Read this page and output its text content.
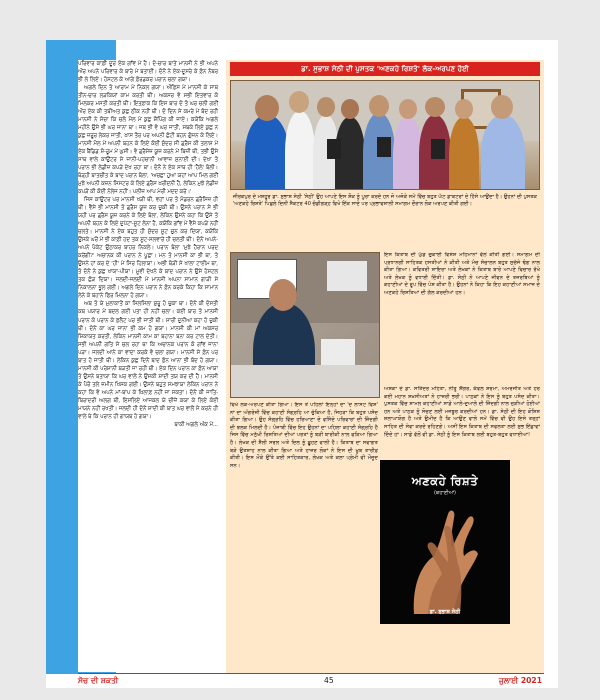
ਪਰਿਵਾਰ ਕਾਫ਼ੀ ਦੂਰ ਏਕ ਗਾਁਵ ਮੇਂ ਹੈ। ਦੋ-ਚਾਰ ਬਾਤੇਂ ਮਾਨਸੀ ਨੇ ਭੀ ਅਪਨੇ ਔਰ ਅਪਨੇ ਪਰਿਵਾਰ ਕੇ ਬਾਰੇ ਮੇਂ ਬਤਾਈਂ। ਦੋਨੋਂ ਨੇ ਏਕ-ਦੂਸਰੇ ਕੇ ਫ਼ੋਨ ਨੰਬਰ ਭੀ ਲੇ ਲਿਏ। ਹੋਸਟਲ ਕੇ ਆਗੇ ਫ਼ੋਰਡਕਰ ਪਰਾਨ ਚਲਾ ਗਯਾ।

ਅਗਲੇ ਦਿਨ ਤੋ ਆਰਾਮ ਮੇਂ ਨਿਕਲ ਗਯਾ। ਔਫ਼ਿਸ ਮੇਂ ਮਾਨਸੀ ਕੇ ਸਾਥ ਤੀਨ-ਚਾਰ ਲੜਕਿਯਾਂ ਕਾਮ ਕਰਤੀ ਥੀਂ। ਅਕਸਰ ਵੋ ਸਭੀ ਇਤਵਾਰ ਕੋ ਮਿਲਕਰ ਮਸਤੀ ਕਰਤੀ ਥੀਂ। ਇਤਫ਼ਾਕ ਕਿ ਇਸ ਬਾਰ ਦੋ ਤੋ ਘਰ ਚਲੀ ਗਈਂ ਔਰ ਏਕ ਕੀ ਤਬੀਅਤ ਕੁਛ ਠੀਕ ਨਹੀਂ ਥੀ। ਦੋ ਦਿਨ ਸੇ ਕਮਰੇ ਮੇਂ ਬੰਦ ਰਹੀ ਮਾਨਸੀ ਨੇ ਸੋਚਾ ਕਿ ਚਲੋ ਮੌਲ ਮੇਂ ਕੁਛ ਸ਼ੌਪਿੰਗ ਕੀ ਜਾਏ। ਕਯੋਂਕਿ ਅਗਲੇ ਮਹੀਨੇ ਉਸੇ ਭੀ ਘਰ ਜਾਨਾ ਥਾ। ਜਬ ਭੀ ਵੋ ਘਰ ਜਾਤੀ, ਸਬਕੇ ਲਿਏ ਕੁਛ ਨ ਕੁਛ ਜ਼ਰੂਰ ਲੇਕਰ ਜਾਤੀ, ਖ਼ਾਸ ਤੌਰ ਪਰ ਅਪਨੀ ਛੋਟੀ ਬਹਨ ਗੁੰਜਨ ਕੇ ਲਿਏ। ਮਾਨਸੀ ਮੌਲ ਮੇਂ ਅਪਨੀ ਬਹਨ ਕੇ ਲਿਏ ਕੋਈ ਸੁੰਦਰ ਸੀ ਡ੍ਰੈਸ ਕੀ ਤਲਾਸ਼ ਮੇਂ ਏਕ ਬੈਂਡਿਡ ਸ਼ੋ-ਰੂਮ ਮੇਂ ਘੁਸੀ। ਵੋ ਡ੍ਰੈਸੇਜ਼ ਯੂਜ਼ ਕਰਨੇ ਮੇਂ ਬਿਜ਼ੀ ਥੀ, ਤਭੀ ਉਸੇ ਸਾਥ ਵਾਲੇ ਕਾਉਂਟਰ ਸੇ ਜਾਨੀ-ਪਹਚਾਨੀ ਆਵਾਜ਼ ਸੁਨਾਈ ਦੀ। ਦੇਖਾ ਤੋ ਪਰਾਨ ਭੀ ਲੇਡੀਜ਼ ਕਪੜੇ ਦੇਖ ਰਹਾ ਥਾ। ਦੋਨੋਂ ਨੇ ਏਕ ਸਾਥ ਹੀ 'ਹੈਲੋ' ਬੋਲੀ। ਥੋੜ੍ਹੀ ਬਾਤਚੀਤ ਕੇ ਬਾਦ ਪਰਾਨ ਬੋਲਾ, 'ਅਚਛਾ ਹੁਆ ਯਹਾਂ ਆਪ ਮਿਲ ਗਈਂ ਮੁਝੇ ਅਪਨੀ ਕਜ਼ਨ ਸਿਸਟਰ ਕੇ ਲਿਏ ਡ੍ਰੈਸ ਖ਼ਰੀਦਨੀ ਹੈ, ਲੇਕਿਨ ਮੁਝੇ ਲੇਡੀਜ਼ ਕਪੜੋਂ ਕੀ ਕੋਈ ਨੋਲੇਜ ਨਹੀਂ। ਪਲੀਜ਼ ਆਪ ਮੇਰੀ ਮਦਦ ਕਰੇਂ।'

ਜਿਸ ਕਾਉਂਟਰ ਪਰ ਮਾਨਸੀ ਖੜੀ ਥੀ, ਵਹਾਂ ਪਰ ਤੋ ਮੌਡਰਨ ਡ੍ਰੈਸਿਜ਼ ਹੀ ਥੀਂ। ਵੈਸੇ ਭੀ ਮਾਨਸੀ ਤੋ ਡ੍ਰੈਸ ਯੂਜ਼ ਕਰ ਚੁਕੀ ਥੀ। ਉਸਨੇ ਪਰਾਨ ਸੇ ਭੀ ਯਹੀ ਪਰ ਡ੍ਰੈਸ ਯੂਜ਼ ਕਰਨੇ ਕੇ ਲਿਏ ਬੋਲਾ, ਲੇਕਿਨ ਉਸਨੇ ਕਹਾ ਕਿ ਉਸੇ ਤੋ ਅਪਨੀ ਬਹਨ ਕੇ ਲਿਏ ਦੁਪੱਟਾ-ਸੂਟ ਲੇਨਾ ਹੈ, ਕਯੋਂਕਿ ਗਾਁਵ ਮੇਂ ਵੈਸੇ ਕਪੜੇ ਨਹੀਂ ਚਲਤੇ। ਮਾਨਸੀ ਨੇ ਏਕ ਬਹੁਤ ਹੀ ਸੁੰਦਰ ਸੂਟ ਚੁਨ ਕਰ ਦਿਯਾ, ਕਯੋਂਕਿ ਉਸਕੇ ਘਰੋਂ ਮੇਂ ਭੀ ਕਾਫ਼ੀ ਹਦ ਤਕ ਸੂਟ-ਸਲਵਾਰੇਂ ਹੀ ਚਲਤੀ ਥੀਂ। ਦੋਨੋਂ ਅਪਨੇ-ਅਪਨੇ ਪੈਕੇਟ ਉਠਾਕਰ ਬਾਹਰ ਨਿਕਲੇ। ਪਰਾਨ ਬੋਲਾ 'ਮੁਝੇ ਹੈਰਾਨ ਪਰਦ ਕਰੇਂਗੀ?' ਅਚਾਨਕ ਕੀ ਪਰਾਨ ਨੇ ਪੂਛਾ। ਮਨ ਤੋ ਮਾਨਸੀ ਕਾ ਭੀ ਥਾ, ਤੋ ਉਸਨੇ ਹਾਂ ਕਰ ਦੇ 'ਹੀ' ਮੇਂ ਸਿਰ ਹਿਲਾਯਾ। ਅਭੀ ਥੋੜੀ ਸੇ ਖਾਲਾ ਟਾਈਮ ਥਾ, ਤੋ ਦੋਨੋਂ ਨੇ ਕੁਛ ਖਾਯਾ-ਪੀਯਾ। ਮੂਵੀ ਦੇਖਨੇ ਕੇ ਬਾਦ ਪਰਾਨ ਨੇ ਉਸੇ ਹੋਸਟਲ ਤਕ ਛੋੜ ਦਿਯਾ। ਜਲਦੀ-ਜਲਦੀ ਮੇਂ ਮਾਨਸੀ ਅਪਨਾ ਸਾਮਾਨ ਗਾੜੀ ਸੇ ਨਿਕਾਲਨਾ ਭੂਲ ਗਈ। ਅਗਲੇ ਦਿਨ ਪਰਾਨ ਨੇ ਫ਼ੋਨ ਕਰਕੇ ਕਿਹਾ ਕਿ ਸਾਮਾਨ ਲੇਨੇ ਕੇ ਬਹਾਨੇ ਫਿਰ ਮਿਲਨਾ ਹੋ ਗਯਾ।

ਅਬ ਤੋ ਯੇ ਮੁਲਾਕਾਤੋਂ ਕਾ ਸਿਲਸਿਲਾ ਸ਼ੁਰੂ ਹੋ ਚੁਕਾ ਥਾ। ਦੋਨੋਂ ਕੀ ਦੋਸਤੀ ਕਬ ਪਯਾਰ ਮੇਂ ਬਦਲ ਗਈ ਪਤਾ ਹੀ ਨਹੀਂ ਚਲਾ। ਕਈ ਬਾਰ ਤੋ ਮਾਨਸੀ ਪਰਾਨ ਕੋ ਪਰਾਨ ਕੇ ਫ਼ਲੈਟ ਪਰ ਭੀ ਜਾਤੀ ਥੀ। ਸਾਰੀ ਦੁਨੀਆ ਕਹਾ ਹੋ ਚੁਕੀ ਥੀ। ਦੋਨੋਂ ਕਾ ਘਰ ਜਾਨਾ ਭੀ ਕਮ ਹੋ ਗਯਾ। ਮਾਨਸੀ ਕੀ ਮਾਂ ਅਕਸਰ ਸ਼ਿਕਾਯਤ ਕਰਤੀ, ਲੇਕਿਨ ਮਾਨਸੀ ਕਾਮ ਕਾ ਬਹਾਨਾ ਬਨਾ ਕਰ ਟਾਲ ਦੇਤੀ। ਸਭੀ ਅਪਨੀ ਗਤਿ ਸੇ ਚਲ ਰਹਾ ਥਾ ਕਿ ਅਚਾਨਕ ਪਰਾਨ ਕੋ ਗਾਁਵ ਜਾਨਾ ਪੜਾ। ਜਲਦੀ ਆਨੇ ਕਾ ਵਾਦਾ ਕਰਕੇ ਵੋ ਚਲਾ ਗਯਾ। ਮਾਨਸੀ ਸੇ ਫ਼ੋਨ ਪਰ ਬਾਤ ਹੋ ਜਾਤੀ ਥੀ। ਲੇਕਿਨ ਕੁਛ ਦਿਨੋਂ ਬਾਦ ਫ਼ੋਨ ਆਨਾ ਭੀ ਬੰਦ ਹੋ ਗਯਾ। ਮਾਨਸੀ ਕੀ ਪਰੇਸ਼ਾਨੀ ਬੜਤੀ ਜਾ ਰਹੀ ਥੀ। ਏਕ ਦਿਨ ਪਰਾਨ ਕਾ ਫ਼ੋਨ ਆਯਾ ਤੋ ਉਸਨੇ ਬਤਾਯਾ ਕਿ ਘਰ ਵਾਲੋਂ ਨੇ ਉਸਕੀ ਸ਼ਾਦੀ ਤਯ ਕਰ ਦੀ ਹੈ। ਮਾਨਸੀ ਕੇ ਪੈਰੋਂ ਤਲੇ ਜ਼ਮੀਨ ਖਿਸਕ ਗਈ। ਉਸਨੇ ਬਹੁਤ ਸਮਝਾਯਾ ਲੇਕਿਨ ਪਰਾਨ ਨੇ ਕਹਾ ਕਿ ਵੋ ਅਪਨੇ ਮਾਂ-ਬਾਪ ਕੇ ਖ਼ਿਲਾਫ਼ ਨਹੀਂ ਜਾ ਸਕਤਾ। ਦੋਨੋਂ ਕੀ ਜਾਤਿ-ਬਿਰਾਦਰੀ ਅਲਗ ਥੀ, ਇਸਲਿਏ ਆਜਕਲ ਯੇ ਚੀਜ਼ੇਂ ਕਯਾ ਕੇ ਲਿਏ ਕੋਈ ਮਾਯਨੇ ਨਹੀਂ ਰਖਤੀਂ। ਜਲਦੀ ਹੀ ਦੋਨੋਂ ਸ਼ਾਦੀ ਕੀ ਬਾਤ ਘਰ ਵਾਲੋਂ ਸੇ ਕਰਨੇ ਹੀ ਵਾਲੇ ਥੇ ਕਿ ਪਰਾਨ ਹੀ ਗਾਯਬ ਹੋ ਗਯਾ।

ਬਾਕੀ ਅਗਲੇ ਅੰਕ ਮੇਂ...

ਡਾ. ਸੁਭਾਸ਼ ਸੇਠੀ ਦੀ ਪੁਸਤਕ 'ਅਣਕਹੇ ਰਿਸ਼ਤੇ' ਲੋਕ-ਅਰਪਣ ਹੋਈ
ਜੀਰਕਪੁਰ ਦੇ ਮਸ਼ਹੂਰ ਡਾ. ਸੁਭਾਸ਼ ਸੇਠੀ 'ਸੇਠੀ' ਉਹ ਆਪਣੇ ਇਸ ਸ਼ੌਕ ਨੂੰ ਪੂਰਾ ਕਰਦੇ ਹਨ ਜੋ ਅਜੋਕੇ ਸਮੇਂ ਵਿੱਚ ਬਹੁਤ ਘੱਟ ਡਾਕਟਰਾਂ ਦੇ ਹਿੱਸੇ ਆਉਂਦਾ ਹੈ। ਉਹਨਾਂ ਦੀ ਪੁਸਤਕ 'ਅਣਕਹੇ ਰਿਸ਼ਤੇ' ਪਿਛਲੇ ਦਿਨੀਂ ਸੈਕਟਰ 40 ਚੰਡੀਗੜ੍ਹ ਵਿਖੇ ਇੱਕ ਸਾਦੇ ਪਰ ਪ੍ਰਭਾਵਸ਼ਾਲੀ ਸਮਾਗਮ ਦੌਰਾਨ ਲੋਕ ਅਰਪਣ ਕੀਤੀ ਗਈ।
ਇਸ ਕਿਤਾਬ ਦੀ ਘੁੰਡ ਚੁਕਾਈ ਵਿਸ਼ੇਸ਼ ਮਹਿਮਾਨਾਂ ਵੱਲੋਂ ਕੀਤੀ ਗਈ। ਸਮਾਗਮ ਦੀ ਪ੍ਰਧਾਨਗੀ ਸਾਹਿਤਕ ਹਸਤੀਆਂ ਨੇ ਕੀਤੀ ਅਤੇ ਮੰਚ ਸੰਚਾਲਨ ਬਹੁਤ ਸੁਚੱਜੇ ਢੰਗ ਨਾਲ ਕੀਤਾ ਗਿਆ। ਕਵਿਤਰੀ ਸ਼ਾਇਰਾ ਅਤੇ ਲੇਖਕਾਂ ਨੇ ਕਿਤਾਬ ਬਾਰੇ ਆਪਣੇ ਵਿਚਾਰ ਰੱਖੇ ਅਤੇ ਲੇਖਕ ਨੂੰ ਵਧਾਈ ਦਿੱਤੀ। ਡਾ. ਸੇਠੀ ਨੇ ਆਪਣੇ ਜੀਵਨ ਦੇ ਤਜਰਬਿਆਂ ਨੂੰ ਕਹਾਣੀਆਂ ਦੇ ਰੂਪ ਵਿੱਚ ਪੇਸ਼ ਕੀਤਾ ਹੈ। ਉਹਨਾਂ ਨੇ ਕਿਹਾ ਕਿ ਇਹ ਕਹਾਣੀਆਂ ਸਮਾਜ ਦੇ ਅਣਕਹੇ ਰਿਸ਼ਤਿਆਂ ਦੀ ਗੱਲ ਕਰਦੀਆਂ ਹਨ।
ਵਿਖੇ ਲੋਕ-ਅਰਪਣ ਕੀਤਾ ਗਿਆ। ਇਸ ਤੋਂ ਪਹਿਲਾਂ ਇਨ੍ਹਾਂ ਦਾ 'ਦ ਲਾਸਟ ਵਿਸ਼' ਨਾਂ ਦਾ ਅੰਗਰੇਜ਼ੀ ਵਿੱਚ ਕਹਾਣੀ ਸੰਗ੍ਰਹਿ ਆ ਚੁੱਕਿਆ ਹੈ, ਜਿਹੜਾ ਕਿ ਬਹੁਤ ਪਸੰਦ ਕੀਤਾ ਗਿਆ। ਉਹ ਸੰਗ੍ਰਹਿ ਵਿੱਚ ਹਰਿਆਣਾ ਦੇ ਵਸਿੰਦੇ ਪਰਿਵਾਰਾਂ ਦੀ ਜ਼ਿੰਦਗੀ ਦੀ ਝਲਕ ਮਿਲਦੀ ਹੈ। ਪੰਜਾਬੀ ਵਿੱਚ ਇਹ ਉਹਨਾਂ ਦਾ ਪਹਿਲਾ ਕਹਾਣੀ ਸੰਗ੍ਰਹਿ ਹੈ ਜਿਸ ਵਿੱਚ ਮਨੁੱਖੀ ਰਿਸ਼ਤਿਆਂ ਦੀਆਂ ਪਰਤਾਂ ਨੂੰ ਬੜੀ ਬਾਰੀਕੀ ਨਾਲ ਫੜਿਆ ਗਿਆ ਹੈ। ਲੇਖਕ ਦੀ ਸ਼ੈਲੀ ਸਰਲ ਅਤੇ ਦਿਲ ਨੂੰ ਛੂਹਣ ਵਾਲੀ ਹੈ। ਕਿਤਾਬ ਦਾ ਸਵਾਗਤ ਬੜੇ ਉਤਸ਼ਾਹ ਨਾਲ ਕੀਤਾ ਗਿਆ ਅਤੇ ਹਾਜ਼ਰ ਲੋਕਾਂ ਨੇ ਇਸ ਦੀ ਖ਼ੂਬ ਤਾਰੀਫ਼ ਕੀਤੀ। ਇਸ ਮੌਕੇ ਉੱਤੇ ਕਈ ਸਾਹਿਤਕਾਰ, ਲੇਖਕ ਅਤੇ ਕਲਾ ਪ੍ਰੇਮੀ ਵੀ ਮੌਜੂਦ ਸਨ।
ਅਸ਼ੋਕਾ ਦੇ ਡਾ. ਸਤਿੰਦਰ ਮਹਿਤਾ, ਨੀਤੂ ਸ਼ੈਂਗਰ, ਕੰਵਲ ਸ਼ਰਮਾ, ਅਮਰਜੀਤ ਅਤੇ ਹੋਰ ਕਈ ਮਹਾਨ ਸ਼ਖ਼ਸੀਅਤਾਂ ਨੇ ਹਾਜ਼ਰੀ ਭਰੀ। ਪਾਠਕਾਂ ਨੇ ਇਸ ਨੂੰ ਬਹੁਤ ਪਸੰਦ ਕੀਤਾ। ਪੁਸਤਕ ਵਿੱਚ ਸ਼ਾਮਲ ਕਹਾਣੀਆਂ ਸਾਡੇ ਆਲੇ-ਦੁਆਲੇ ਦੀ ਜ਼ਿੰਦਗੀ ਨਾਲ ਜੁੜੀਆਂ ਹੋਈਆਂ ਹਨ ਅਤੇ ਪਾਠਕ ਨੂੰ ਸੋਚਣ ਲਈ ਮਜਬੂਰ ਕਰਦੀਆਂ ਹਨ। ਡਾ. ਸੇਠੀ ਦੀ ਇਹ ਕੋਸ਼ਿਸ਼ ਸ਼ਲਾਘਾਯੋਗ ਹੈ ਅਤੇ ਉਮੀਦ ਹੈ ਕਿ ਆਉਣ ਵਾਲੇ ਸਮੇਂ ਵਿੱਚ ਵੀ ਉਹ ਇਸੇ ਤਰ੍ਹਾਂ ਸਾਹਿਤ ਦੀ ਸੇਵਾ ਕਰਦੇ ਰਹਿਣਗੇ। ਅਸੀਂ ਇਸ ਕਿਤਾਬ ਦੀ ਸਫਲਤਾ ਲਈ ਸ਼ੁਭ ਇੱਛਾਵਾਂ ਦਿੰਦੇ ਹਾਂ। ਸਾਡੇ ਵੱਲੋਂ ਵੀ ਡਾ. ਸੇਠੀ ਨੂੰ ਇਸ ਕਿਤਾਬ ਲਈ ਬਹੁਤ-ਬਹੁਤ ਵਧਾਈਆਂ!
ਅਣਕਹੇ ਰਿਸ਼ਤੇ
(ਕਹਾਣੀਆਂ)
ਡਾ. ਸੁਭਾਸ਼ ਸੇਠੀ
ਸੋਚ ਦੀ ਸ਼ਕਤੀ	45	ਜੁਲਾਈ 2021
